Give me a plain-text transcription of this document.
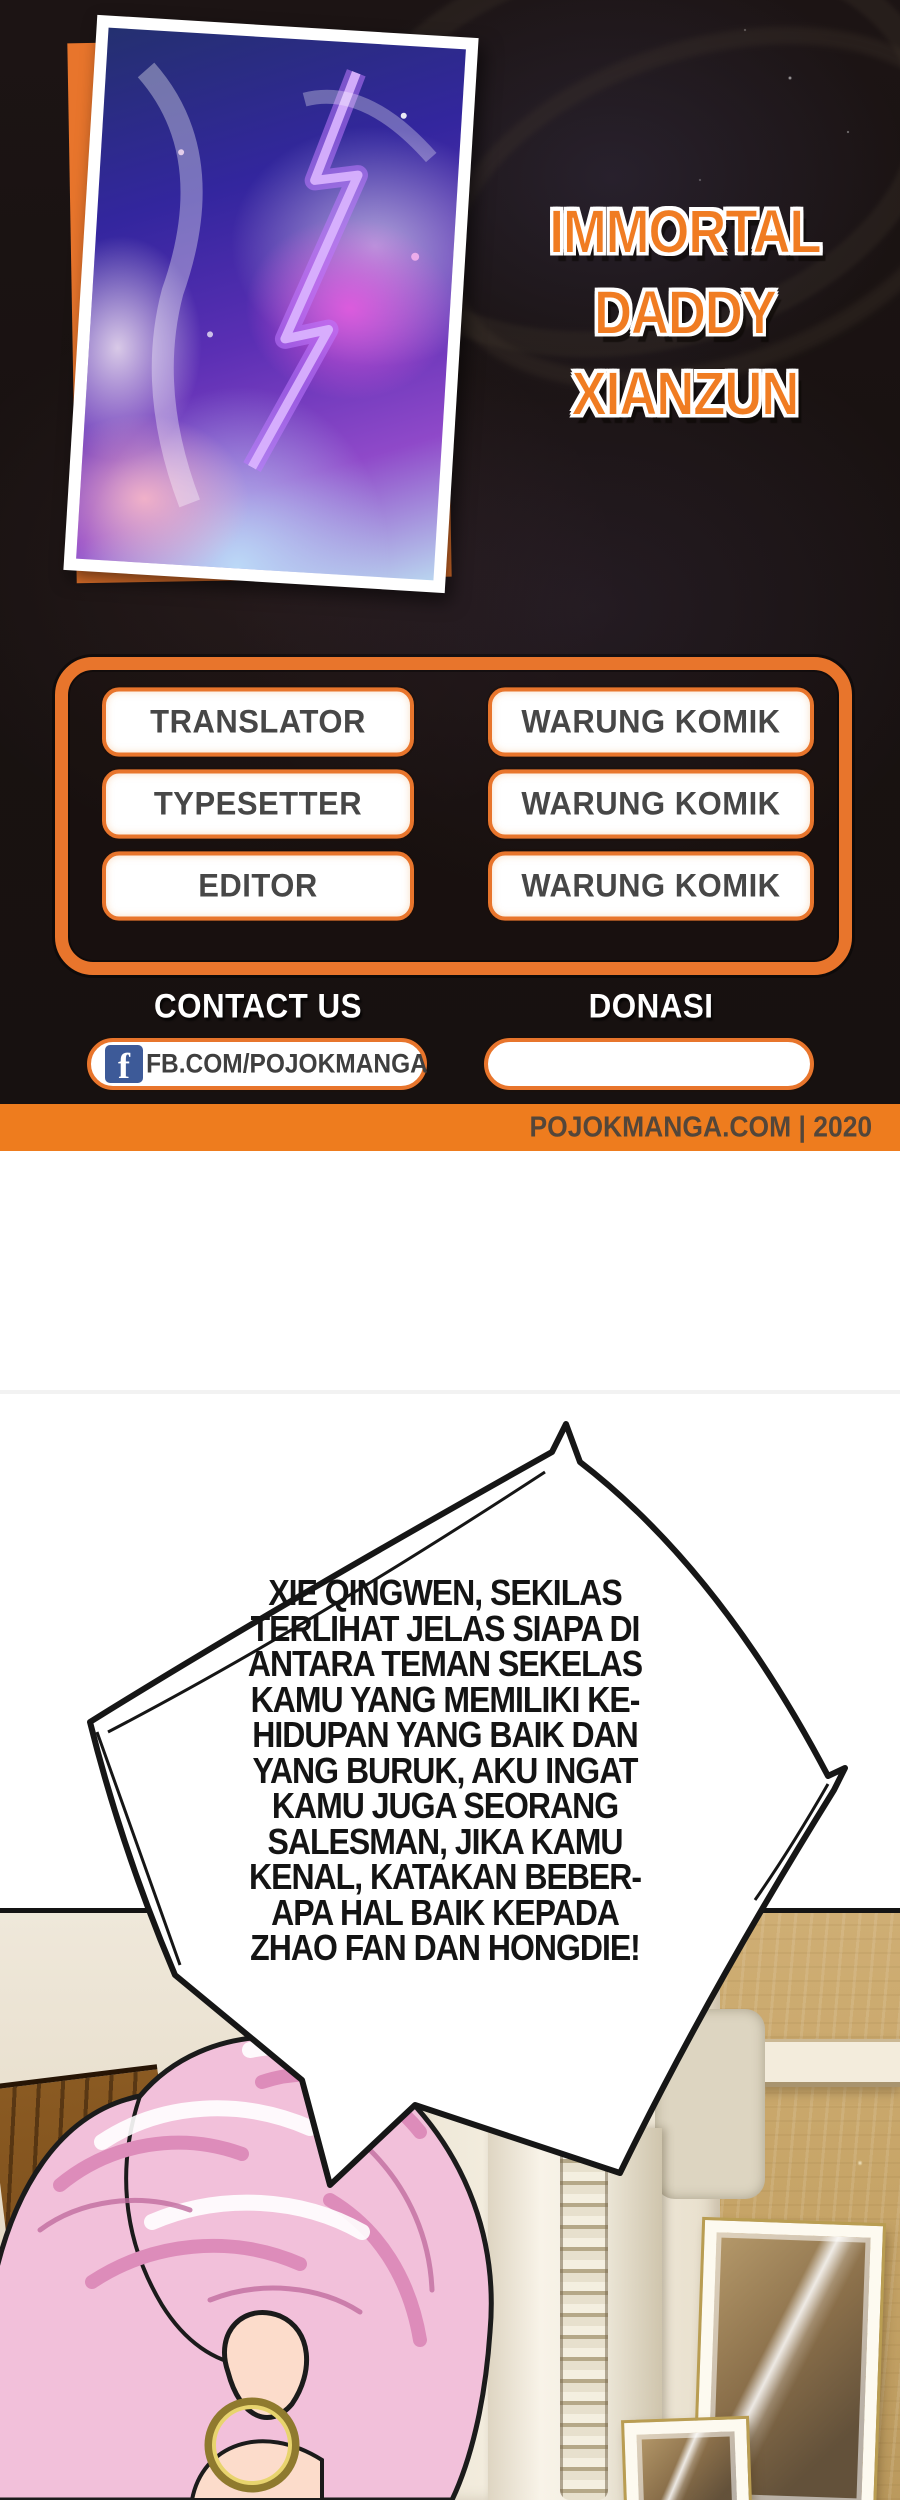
IMMORTAL
DADDY
XIANZUN
TRANSLATOR	WARUNG KOMIK
TYPESETTER	WARUNG KOMIK
EDITOR	WARUNG KOMIK
CONTACT US	DONASI
f FB.COM/POJOKMANGA
POJOKMANGA.COM | 2020
XIE QINGWEN, SEKILAS
TERLIHAT JELAS SIAPA DI
ANTARA TEMAN SEKELAS
KAMU YANG MEMILIKI KE-
HIDUPAN YANG BAIK DAN
YANG BURUK, AKU INGAT
KAMU JUGA SEORANG
SALESMAN, JIKA KAMU
KENAL, KATAKAN BEBER-
APA HAL BAIK KEPADA
ZHAO FAN DAN HONGDIE!
